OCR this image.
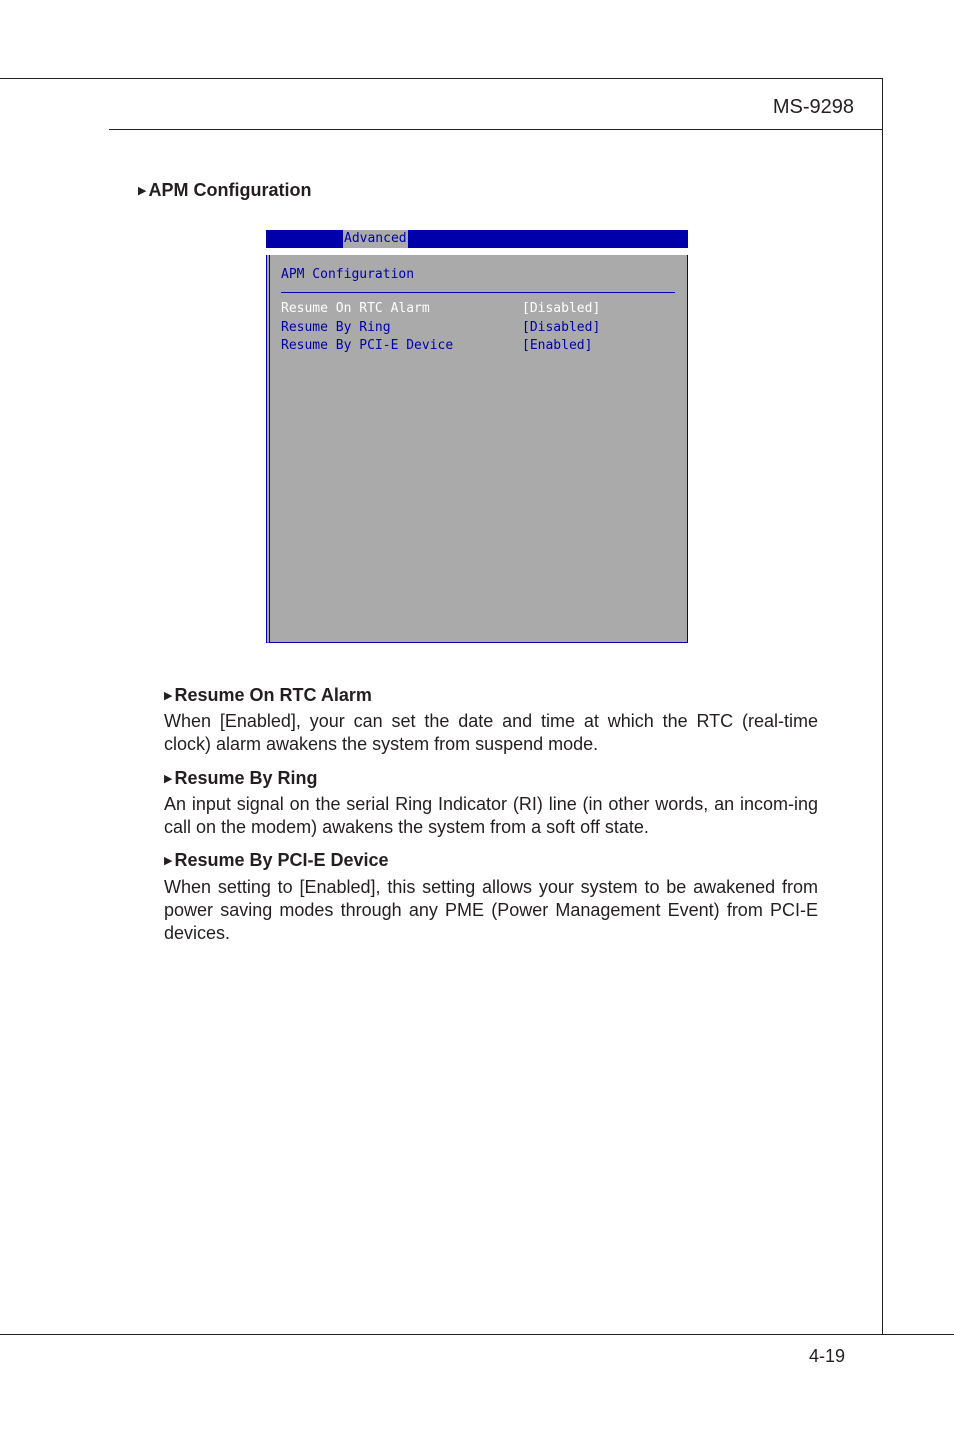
MS-9298
▶ APM Configuration
Advanced
APM Configuration
Resume On RTC Alarm	[Disabled]
Resume By Ring	[Disabled]
Resume By PCI-E Device	[Enabled]
▶ Resume On RTC Alarm
When [Enabled], your can set the date and time at which the RTC (real-time clock) alarm awakens the system from suspend mode.
▶ Resume By Ring
An input signal on the serial Ring Indicator (RI) line (in other words, an incom-ing call on the modem) awakens the system from a soft off state.
▶ Resume By PCI-E Device
When setting to [Enabled], this setting allows your system to be awakened from power saving modes through any PME (Power Management Event) from PCI-E devices.
4-19
